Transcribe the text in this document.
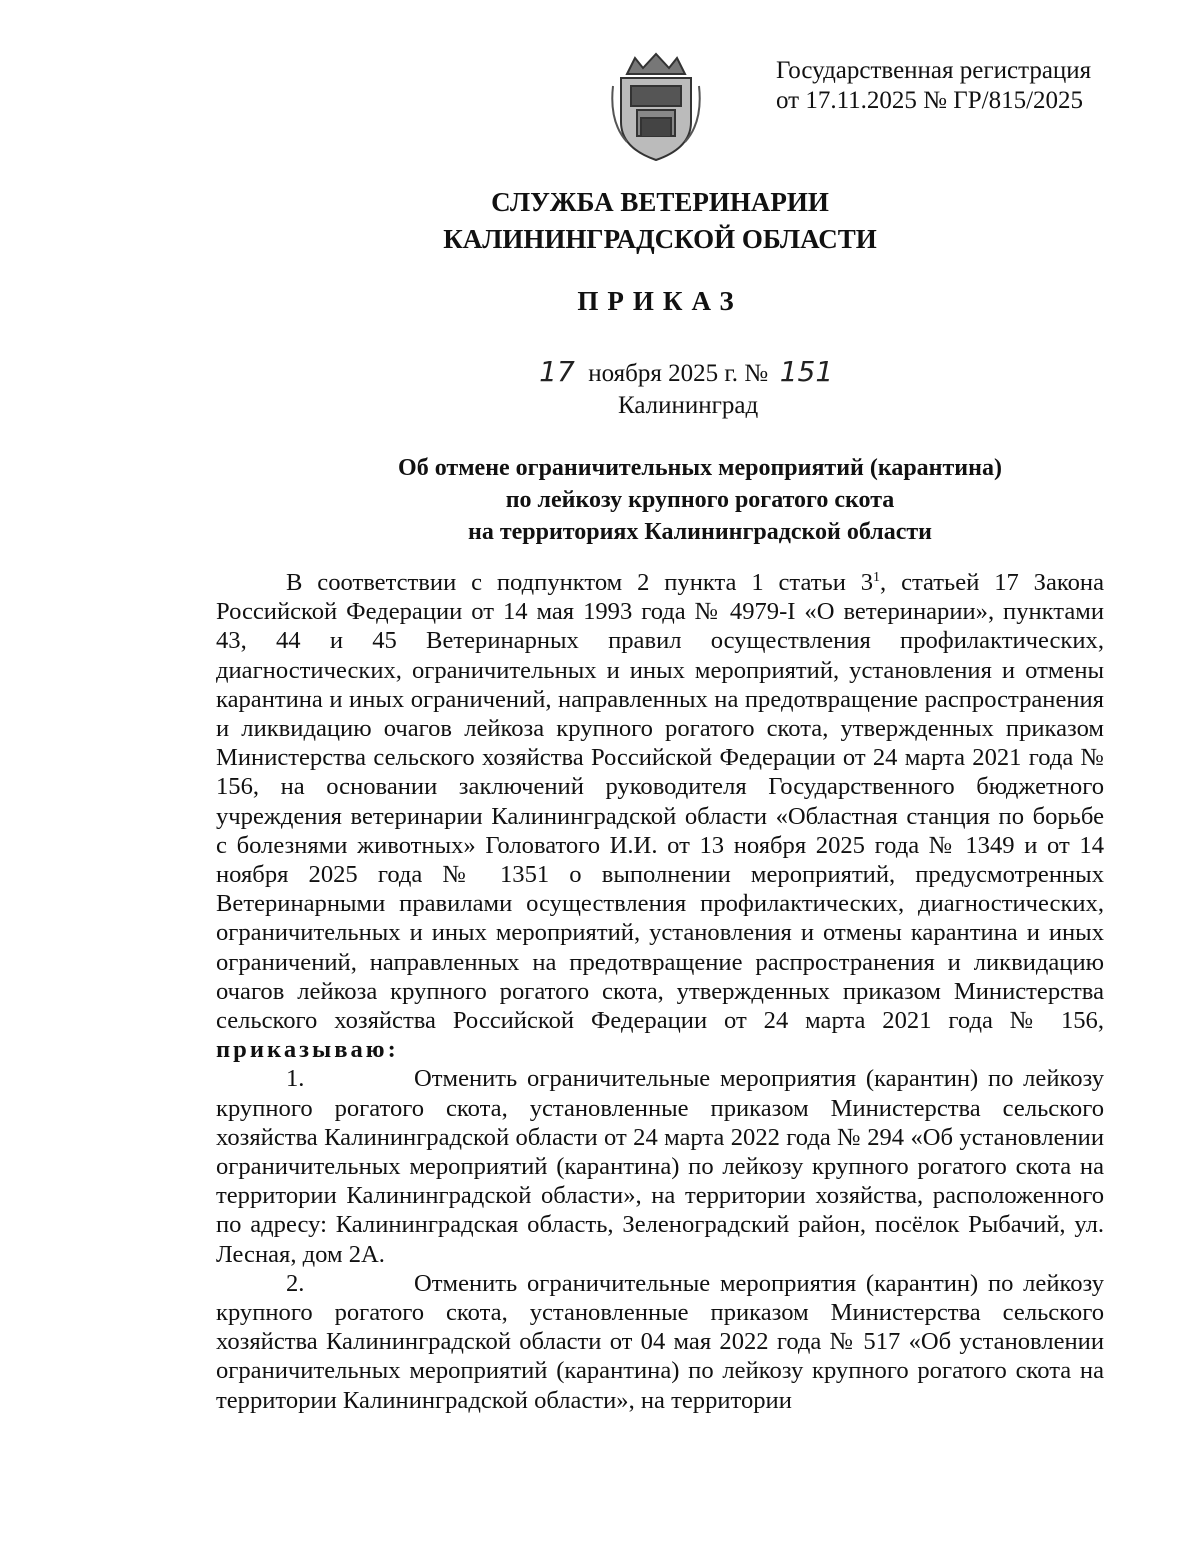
Государственная регистрация
от 17.11.2025 № ГР/815/2025
СЛУЖБА ВЕТЕРИНАРИИ
КАЛИНИНГРАДСКОЙ ОБЛАСТИ
ПРИКАЗ
17 ноября 2025 г. № 151
Калининград
Об отмене ограничительных мероприятий (карантина)
по лейкозу крупного рогатого скота
на территориях Калининградской области

В соответствии с подпунктом 2 пункта 1 статьи $3^1$, статьей 17 Закона Российской Федерации от 14 мая 1993 года № 4979-I «О ветеринарии», пунктами 43, 44 и 45 Ветеринарных правил осуществления профилактических, диагностических, ограничительных и иных мероприятий, установления и отмены карантина и иных ограничений, направленных на предотвращение распространения и ликвидацию очагов лейкоза крупного рогатого скота, утвержденных приказом Министерства сельского хозяйства Российской Федерации от 24 марта 2021 года № 156, на основании заключений руководителя Государственного бюджетного учреждения ветеринарии Калининградской области «Областная станция по борьбе с болезнями животных» Головатого И.И. от 13 ноября 2025 года № 1349 и от 14 ноября 2025 года № 1351 о выполнении мероприятий, предусмотренных Ветеринарными правилами осуществления профилактических, диагностических, ограничительных и иных мероприятий, установления и отмены карантина и иных ограничений, направленных на предотвращение распространения и ликвидацию очагов лейкоза крупного рогатого скота, утвержденных приказом Министерства сельского хозяйства Российской Федерации от 24 марта 2021 года № 156, приказываю:

1.	Отменить ограничительные мероприятия (карантин) по лейкозу крупного рогатого скота, установленные приказом Министерства сельского хозяйства Калининградской области от 24 марта 2022 года № 294 «Об установлении ограничительных мероприятий (карантина) по лейкозу крупного рогатого скота на территории Калининградской области», на территории хозяйства, расположенного по адресу: Калининградская область, Зеленоградский район, посёлок Рыбачий, ул. Лесная, дом 2А.

2.	Отменить ограничительные мероприятия (карантин) по лейкозу крупного рогатого скота, установленные приказом Министерства сельского хозяйства Калининградской области от 04 мая 2022 года № 517 «Об установлении ограничительных мероприятий (карантина) по лейкозу крупного рогатого скота на территории Калининградской области», на территории
